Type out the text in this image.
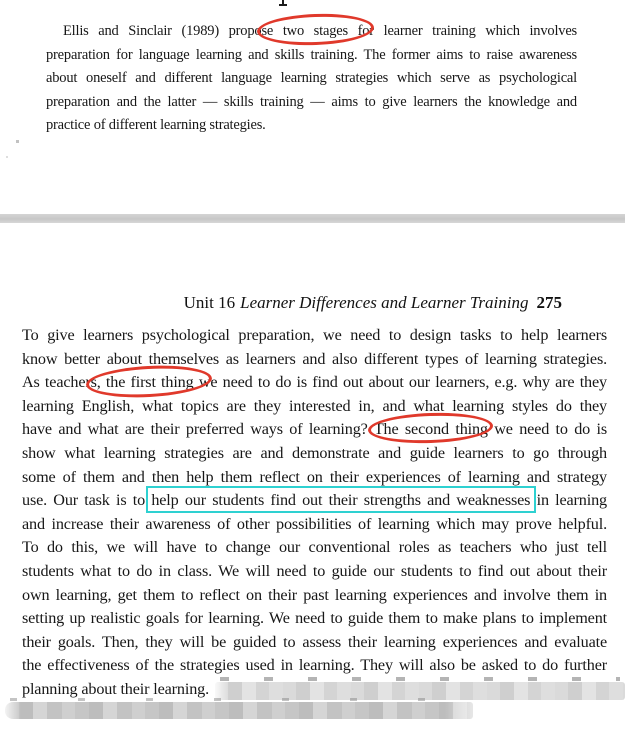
Ellis and Sinclair (1989) propose two stages for learner training which involves
preparation for language learning and skills training. The former aims to raise awareness
about oneself and different language learning strategies which serve as psychological
preparation and the latter — skills training — aims to give learners the knowledge and
practice of different learning strategies.
Unit 16 Learner Differences and Learner Training 275
To give learners psychological preparation, we need to design tasks to help learners
know better about themselves as learners and also different types of learning strategies.
As teachers, the first thing we need to do is find out about our learners, e.g. why are they
learning English, what topics are they interested in, and what learning styles do they
have and what are their preferred ways of learning? The second thing we need to do is
show what learning strategies are and demonstrate and guide learners to go through
some of them and then help them reflect on their experiences of learning and strategy
use. Our task is to help our students find out their strengths and weaknesses in learning
and increase their awareness of other possibilities of learning which may prove helpful.
To do this, we will have to change our conventional roles as teachers who just tell
students what to do in class. We will need to guide our students to find out about their
own learning, get them to reflect on their past learning experiences and involve them in
setting up realistic goals for learning. We need to guide them to make plans to implement
their goals. Then, they will be guided to assess their learning experiences and evaluate
the effectiveness of the strategies used in learning. They will also be asked to do further
planning about their learning.
